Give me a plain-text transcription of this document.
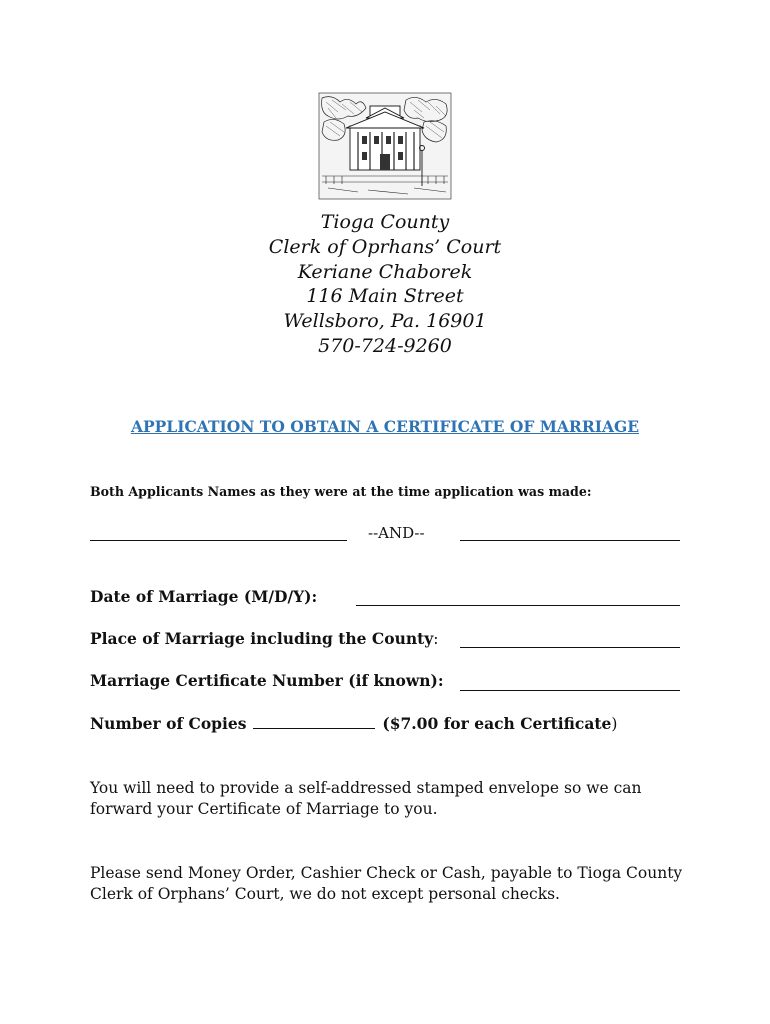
Tioga County
Clerk of Oprhans’ Court
Keriane Chaborek
116 Main Street
Wellsboro, Pa. 16901
570-724-9260
APPLICATION TO OBTAIN A CERTIFICATE OF MARRIAGE
Both Applicants Names as they were at the time application was made:
--AND--
Date of Marriage (M/D/Y):
Place of Marriage including the County:
Marriage Certificate Number (if known):
Number of Copies	($7.00 for each Certificate)
You will need to provide a self-addressed stamped envelope so we can forward your Certificate of Marriage to you.
Please send Money Order, Cashier Check or Cash, payable to Tioga County Clerk of Orphans’ Court, we do not except personal checks.
